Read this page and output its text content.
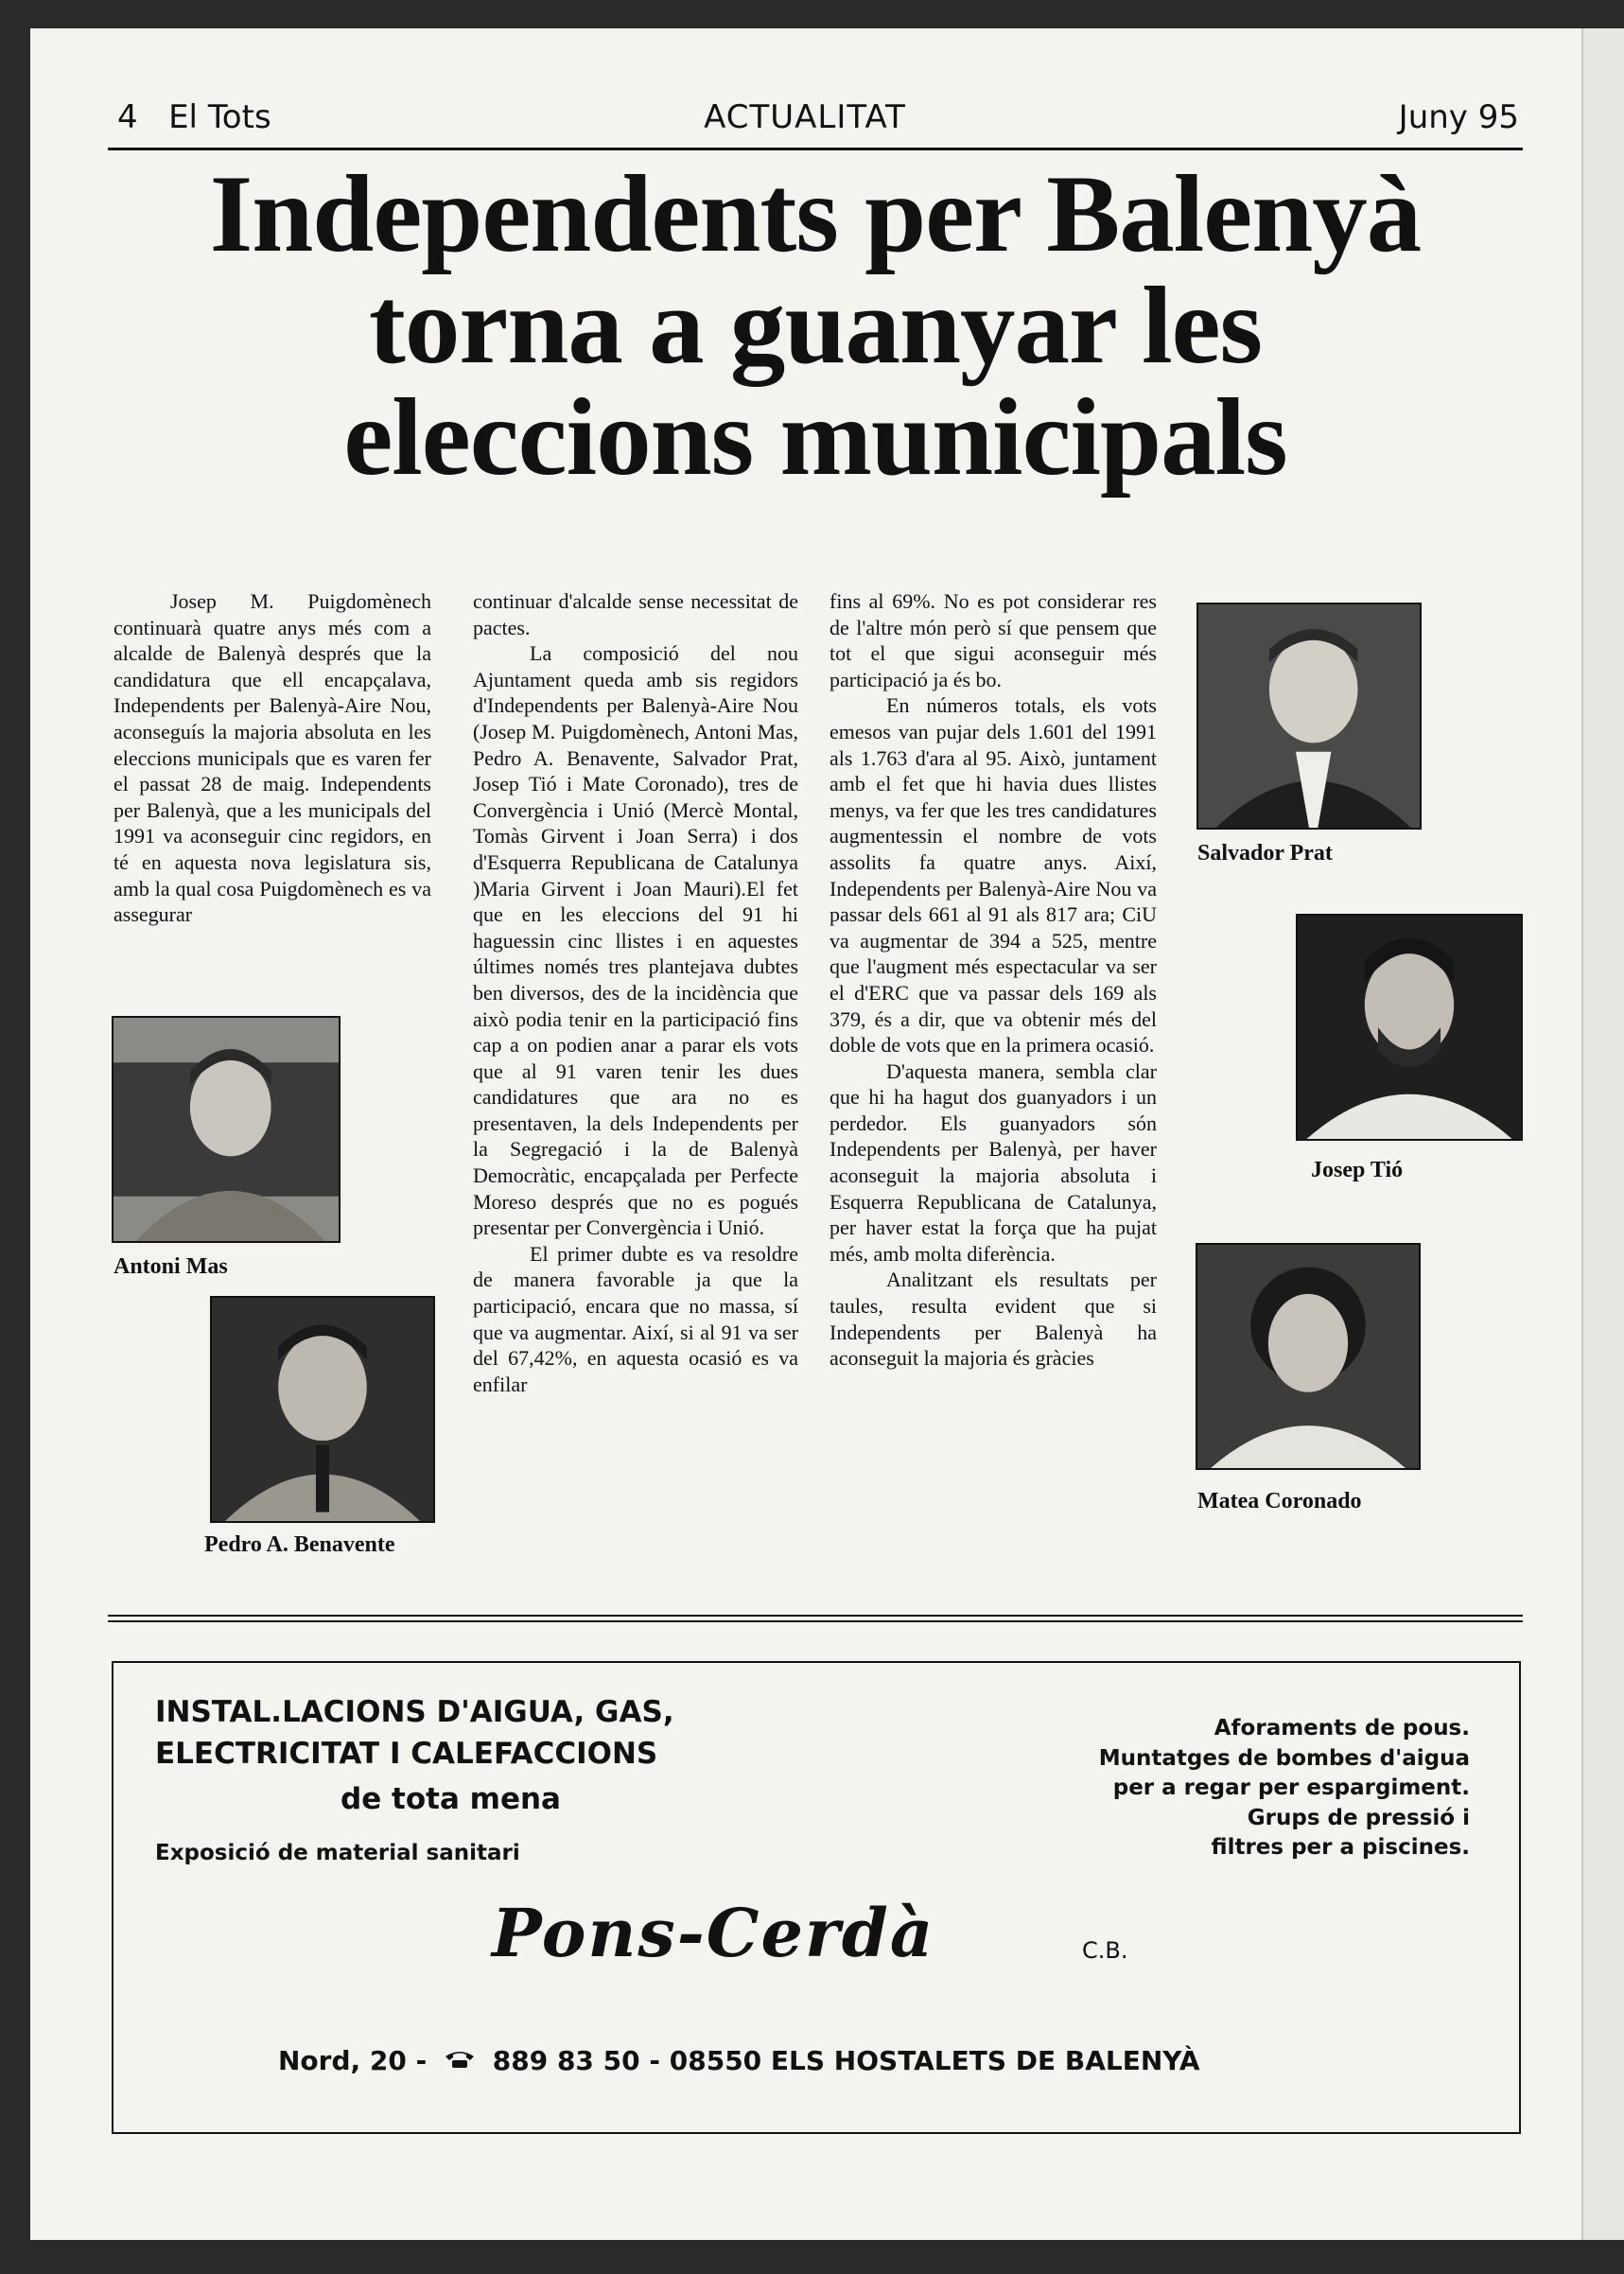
4 El Tots	ACTUALITAT	Juny 95
Independents per Balenyà
torna a guanyar les
eleccions municipals

Josep M. Puigdomènech continuarà quatre anys més com a alcalde de Balenyà després que la candidatura que ell encapçalava, Independents per Balenyà-Aire Nou, aconseguís la majoria absoluta en les eleccions municipals que es varen fer el passat 28 de maig. Independents per Balenyà, que a les municipals del 1991 va aconseguir cinc regidors, en té en aquesta nova legislatura sis, amb la qual cosa Puigdomènech es va assegurar

continuar d'alcalde sense necessitat de pactes.

La composició del nou Ajuntament queda amb sis regidors d'Independents per Balenyà-Aire Nou (Josep M. Puigdomènech, Antoni Mas, Pedro A. Benavente, Salvador Prat, Josep Tió i Mate Coronado), tres de Convergència i Unió (Mercè Montal, Tomàs Girvent i Joan Serra) i dos d'Esquerra Republicana de Catalunya )Maria Girvent i Joan Mauri).El fet que en les eleccions del 91 hi haguessin cinc llistes i en aquestes últimes només tres plantejava dubtes ben diversos, des de la incidència que això podia tenir en la participació fins cap a on podien anar a parar els vots que al 91 varen tenir les dues candidatures que ara no es presentaven, la dels Independents per la Segregació i la de Balenyà Democràtic, encapçalada per Perfecte Moreso després que no es pogués presentar per Convergència i Unió.

El primer dubte es va resoldre de manera favorable ja que la participació, encara que no massa, sí que va augmentar. Així, si al 91 va ser del 67,42%, en aquesta ocasió es va enfilar

fins al 69%. No es pot considerar res de l'altre món però sí que pensem que tot el que sigui aconseguir més participació ja és bo.

En números totals, els vots emesos van pujar dels 1.601 del 1991 als 1.763 d'ara al 95. Això, juntament amb el fet que hi havia dues llistes menys, va fer que les tres candidatures augmentessin el nombre de vots assolits fa quatre anys. Així, Independents per Balenyà-Aire Nou va passar dels 661 al 91 als 817 ara; CiU va augmentar de 394 a 525, mentre que l'augment més espectacular va ser el d'ERC que va passar dels 169 als 379, és a dir, que va obtenir més del doble de vots que en la primera ocasió.

D'aquesta manera, sembla clar que hi ha hagut dos guanyadors i un perdedor. Els guanyadors són Independents per Balenyà, per haver aconseguit la majoria absoluta i Esquerra Republicana de Catalunya, per haver estat la força que ha pujat més, amb molta diferència.

Analitzant els resultats per taules, resulta evident que si Independents per Balenyà ha aconseguit la majoria és gràcies

Antoni Mas
Pedro A. Benavente
Salvador Prat
Josep Tió
Matea Coronado
INSTAL.LACIONS D'AIGUA, GAS,
ELECTRICITAT I CALEFACCIONS
de tota mena
Exposició de material sanitari
Aforaments de pous.
Muntatges de bombes d'aigua
per a regar per espargiment.
Grups de pressió i
filtres per a piscines.
Pons-Cerdà	C.B.
Nord, 20 - 889 83 50 - 08550 ELS HOSTALETS DE BALENYÀ
